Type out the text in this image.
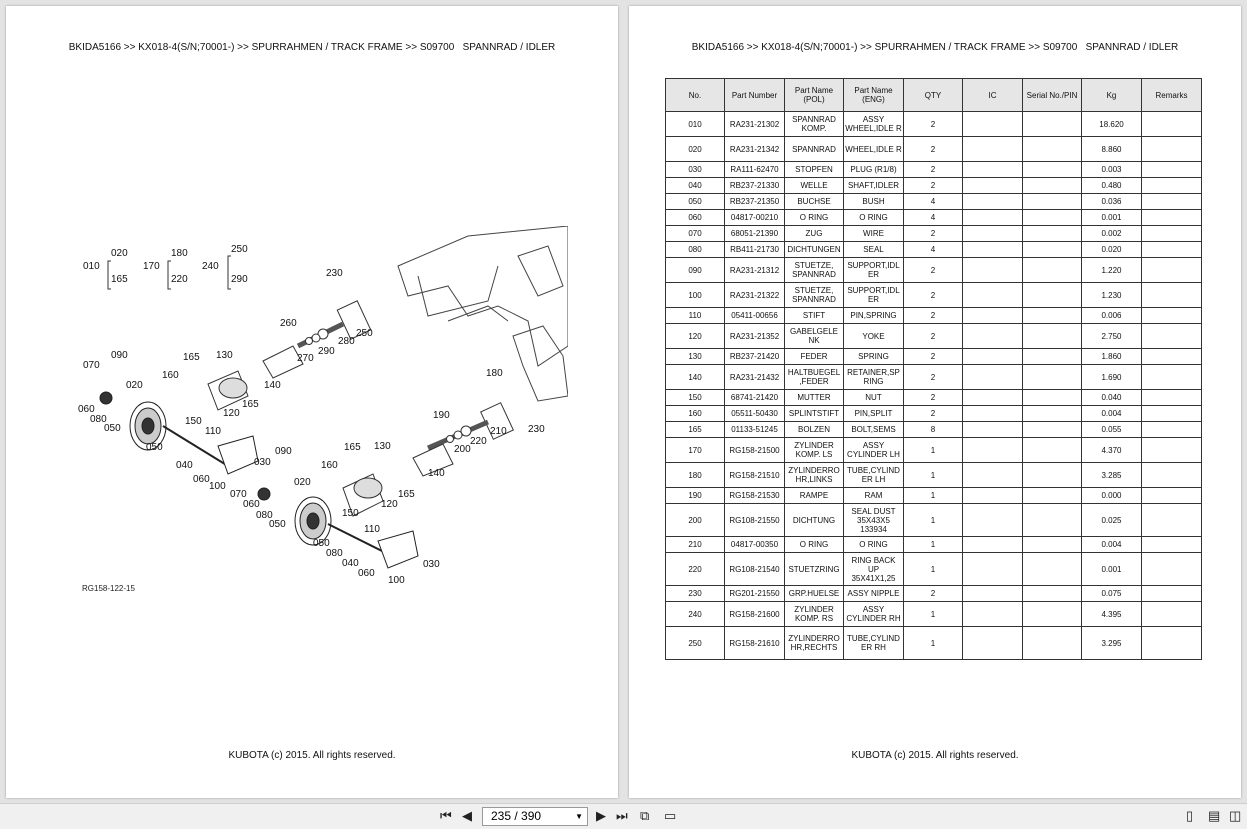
BKIDA5166 >> KX018-4(S/N;70001-) >> SPURRAHMEN / TRACK FRAME >> S09700   SPANNRAD / IDLER
010
020
165
170
180
220
240
250
290
230
260
270
280
290
250
090
070
165 130
160
140
020
165
060
080
120
150
050	110
180
190
230
210
220
200
050
040
060
100
030
090
020
165 130
160
140
070
060
080
050
150
165
120
110
050
080
040
060
100
030
RG158-122-15
KUBOTA (c) 2015. All rights reserved.
BKIDA5166 >> KX018-4(S/N;70001-) >> SPURRAHMEN / TRACK FRAME >> S09700   SPANNRAD / IDLER
No.	Part Number	Part Name (POL)	Part Name (ENG)	QTY	IC	Serial No./PIN	Kg	Remarks
010	RA231-21302	SPANNRAD KOMP.	ASSY WHEEL,IDLE R	2			18.620	
020	RA231-21342	SPANNRAD	WHEEL,IDLE R	2			8.860	
030	RA111-62470	STOPFEN	PLUG (R1/8)	2			0.003	
040	RB237-21330	WELLE	SHAFT,IDLER	2			0.480	
050	RB237-21350	BUCHSE	BUSH	4			0.036	
060	04817-00210	O RING	O RING	4			0.001	
070	68051-21390	ZUG	WIRE	2			0.002	
080	RB411-21730	DICHTUNGEN	SEAL	4			0.020	
090	RA231-21312	STUETZE, SPANNRAD	SUPPORT,IDL ER	2			1.220	
100	RA231-21322	STUETZE, SPANNRAD	SUPPORT,IDL ER	2			1.230	
110	05411-00656	STIFT	PIN,SPRING	2			0.006	
120	RA231-21352	GABELGELE NK	YOKE	2			2.750	
130	RB237-21420	FEDER	SPRING	2			1.860	
140	RA231-21432	HALTBUEGEL ,FEDER	RETAINER,SP RING	2			1.690	
150	68741-21420	MUTTER	NUT	2			0.040	
160	05511-50430	SPLINTSTIFT	PIN,SPLIT	2			0.004	
165	01133-51245	BOLZEN	BOLT,SEMS	8			0.055	
170	RG158-21500	ZYLINDER KOMP. LS	ASSY CYLINDER LH	1			4.370	
180	RG158-21510	ZYLINDERRO HR,LINKS	TUBE,CYLIND ER LH	1			3.285	
190	RG158-21530	RAMPE	RAM	1			0.000	
200	RG108-21550	DICHTUNG	SEAL DUST 35X43X5 133934	1			0.025	
210	04817-00350	O RING	O RING	1			0.004	
220	RG108-21540	STUETZRING	RING BACK UP 35X41X1,25	1			0.001	
230	RG201-21550	GRP.HUELSE	ASSY NIPPLE	2			0.075	
240	RG158-21600	ZYLINDER KOMP. RS	ASSY CYLINDER RH	1			4.395	
250	RG158-21610	ZYLINDERRO HR,RECHTS	TUBE,CYLIND ER RH	1			3.295	
KUBOTA (c) 2015. All rights reserved.
⏮ ◀ 235 / 390	▼ ▶ ⏭ ⧉ ▭	▯ ▤ ◫
